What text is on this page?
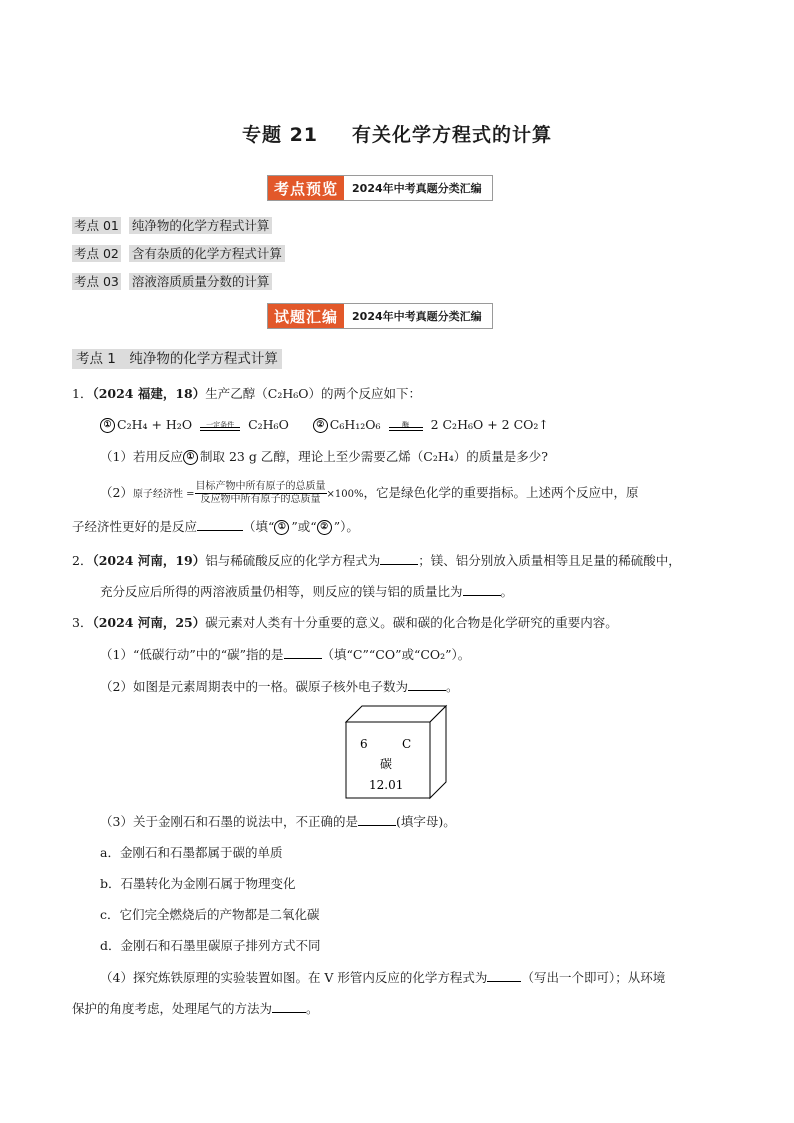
专题 21 有关化学方程式的计算
考点预览	2024年中考真题分类汇编
考点 01 纯净物的化学方程式计算
考点 02 含有杂质的化学方程式计算
考点 03 溶液溶质质量分数的计算
试题汇编	2024年中考真题分类汇编
考点 1　纯净物的化学方程式计算
1．（2024 福建，18）生产乙醇（C₂H₆O）的两个反应如下：
① C₂H₄ + H₂O	一定条件	C₂H₆O	② C₆H₁₂O₆	酶	2 C₂H₆O + 2 CO₂↑
（1）若用反应 ① 制取 23 g 乙醇，理论上至少需要乙烯（C₂H₄）的质量是多少?
（2）原子经济性 = $\frac{\text{目标产物中所有原子的总质量}}{\text{反应物中所有原子的总质量}} \times 100\%$，它是绿色化学的重要指标。上述两个反应中，原
子经济性更好的是反应	（填“ ① ”或“ ② ”）。
2．（2024 河南，19）铝与稀硫酸反应的化学方程式为	；镁、铝分别放入质量相等且足量的稀硫酸中，
充分反应后所得的两溶液质量仍相等，则反应的镁与铝的质量比为	。
3．（2024 河南，25）碳元素对人类有十分重要的意义。碳和碳的化合物是化学研究的重要内容。
（1）“低碳行动”中的“碳”指的是	（填“C”“CO”或“CO₂”）。
（2）如图是元素周期表中的一格。碳原子核外电子数为	。
6	C
碳
12.01
（3）关于金刚石和石墨的说法中，不正确的是	(填字母)。
a．金刚石和石墨都属于碳的单质
b．石墨转化为金刚石属于物理变化
c．它们完全燃烧后的产物都是二氧化碳
d．金刚石和石墨里碳原子排列方式不同
（4）探究炼铁原理的实验装置如图。在 V 形管内反应的化学方程式为	（写出一个即可）；从环境
保护的角度考虑，处理尾气的方法为	。
